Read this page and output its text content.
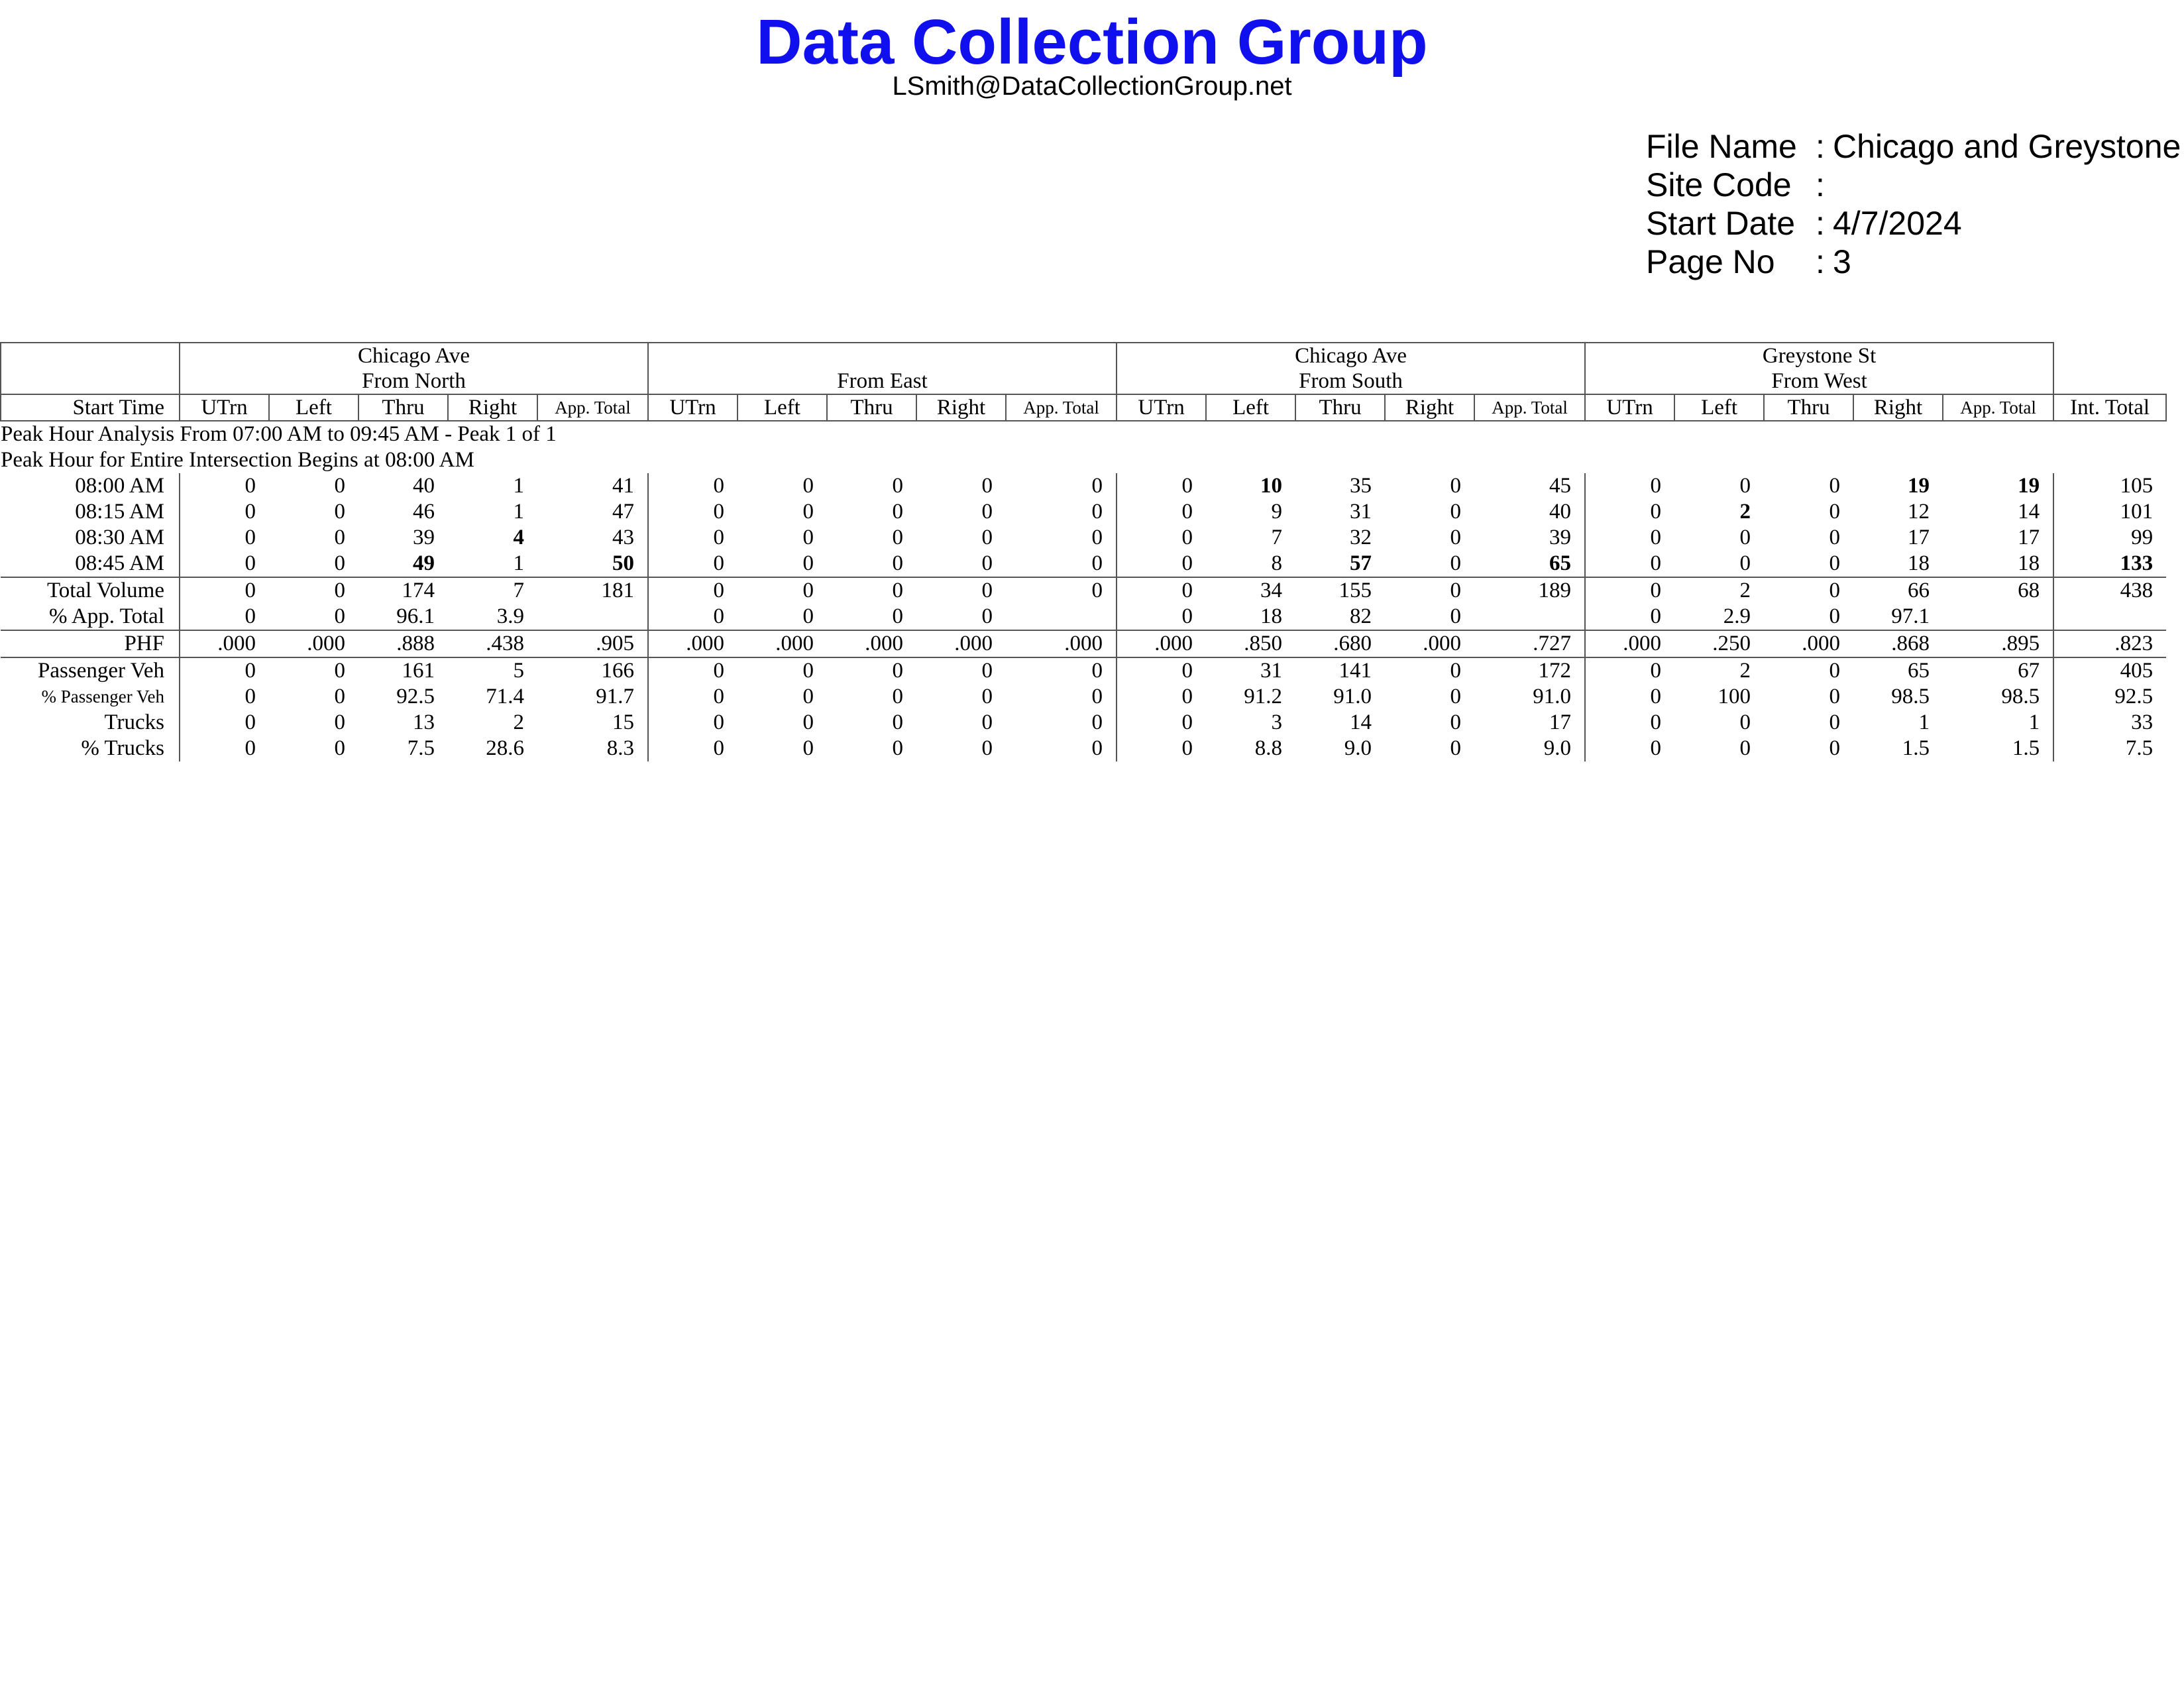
Data Collection Group
LSmith@DataCollectionGroup.net
File Name : Chicago and Greystone
Site Code :
Start Date : 4/7/2024
Page No : 3
	Chicago Ave										Chicago Ave					Greystone St					
	From North					From East					From South					From West					
Start Time	UTrn	Left	Thru	Right	App. Total	UTrn	Left	Thru	Right	App. Total	UTrn	Left	Thru	Right	App. Total	UTrn	Left	Thru	Right	App. Total	Int. Total
Peak Hour Analysis From 07:00 AM to 09:45 AM - Peak 1 of 1																					
Peak Hour for Entire Intersection Begins at 08:00 AM																					
08:00 AM	0	0	40	1	41	0	0	0	0	0	0	10	35	0	45	0	0	0	19	19	105
08:15 AM	0	0	46	1	47	0	0	0	0	0	0	9	31	0	40	0	2	0	12	14	101
08:30 AM	0	0	39	4	43	0	0	0	0	0	0	7	32	0	39	0	0	0	17	17	99
08:45 AM	0	0	49	1	50	0	0	0	0	0	0	8	57	0	65	0	0	0	18	18	133
Total Volume	0	0	174	7	181	0	0	0	0	0	0	34	155	0	189	0	2	0	66	68	438
% App. Total	0	0	96.1	3.9		0	0	0	0		0	18	82	0		0	2.9	0	97.1		
PHF	.000	.000	.888	.438	.905	.000	.000	.000	.000	.000	.000	.850	.680	.000	.727	.000	.250	.000	.868	.895	.823
Passenger Veh	0	0	161	5	166	0	0	0	0	0	0	31	141	0	172	0	2	0	65	67	405
% Passenger Veh	0	0	92.5	71.4	91.7	0	0	0	0	0	0	91.2	91.0	0	91.0	0	100	0	98.5	98.5	92.5
Trucks	0	0	13	2	15	0	0	0	0	0	0	3	14	0	17	0	0	0	1	1	33
% Trucks	0	0	7.5	28.6	8.3	0	0	0	0	0	0	8.8	9.0	0	9.0	0	0	0	1.5	1.5	7.5
